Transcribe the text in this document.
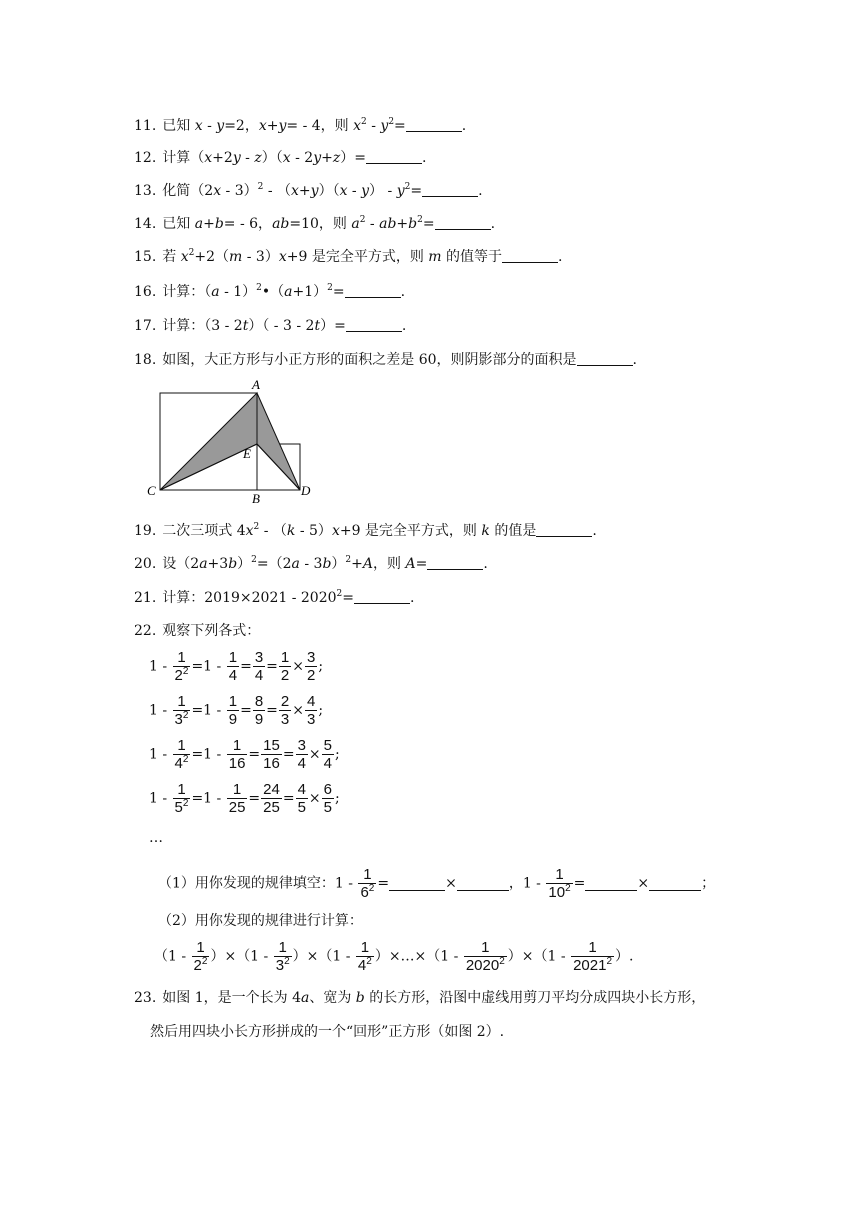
11. 已知 x - y=2，x+y= - 4，则 $x^2 - y^2=$	.
12. 计算（x+2y - z）（x - 2y+z）=	.
13. 化简$(2x - 3)^2 - (x+y)(x - y) - y^2=$	.
14. 已知 a+b= - 6，ab=10，则 $a^2 - ab+b^2=$	.
15. 若 $x^2+2(m - 3)x+9$ 是完全平方式，则 m 的值等于	.
16. 计算：$(a - 1)^2•(a+1)^2=$	.
17. 计算：（3 - 2t）（ - 3 - 2t）=	.
18. 如图，大正方形与小正方形的面积之差是 60，则阴影部分的面积是	.
A
E
C
B
D
19. 二次三项式 $4x^2 - (k - 5)x+9$ 是完全平方式，则 k 的值是	.
20. 设$(2a+3b)^2=(2a - 3b)^2+A$，则 A=	.
21. 计算：$2019\times 2021 - 2020^2=$	.
22. 观察下列各式：
$1 - \frac{1}{2^2} =1 - \frac{1}{4} = \frac{3}{4} = \frac{1}{2} \times \frac{3}{2}$ ;
$1 - \frac{1}{3^2} =1 - \frac{1}{9} = \frac{8}{9} = \frac{2}{3} \times \frac{4}{3}$ ;
$1 - \frac{1}{4^2} =1 - \frac{1}{16} = \frac{15}{16} = \frac{3}{4} \times \frac{5}{4}$ ;
$1 - \frac{1}{5^2} =1 - \frac{1}{25} = \frac{24}{25} = \frac{4}{5} \times \frac{6}{5}$ ;
…
（1）用你发现的规律填空：$1 - \frac{1}{6^2}$ =	×	，$1 - \frac{1}{10^2}$ =	×	；
（2）用你发现的规律进行计算：
$(1 - \frac{1}{2^2} )\times(1 - \frac{1}{3^2} )\times(1 - \frac{1}{4^2}$ ）×…×（1 - $\frac{1}{2020^2} )\times(1 - \frac{1}{2021^2}$ ）.
23. 如图 1，是一个长为 4a、宽为 b 的长方形，沿图中虚线用剪刀平均分成四块小长方形，
然后用四块小长方形拼成的一个“回形”正方形（如图 2）.
